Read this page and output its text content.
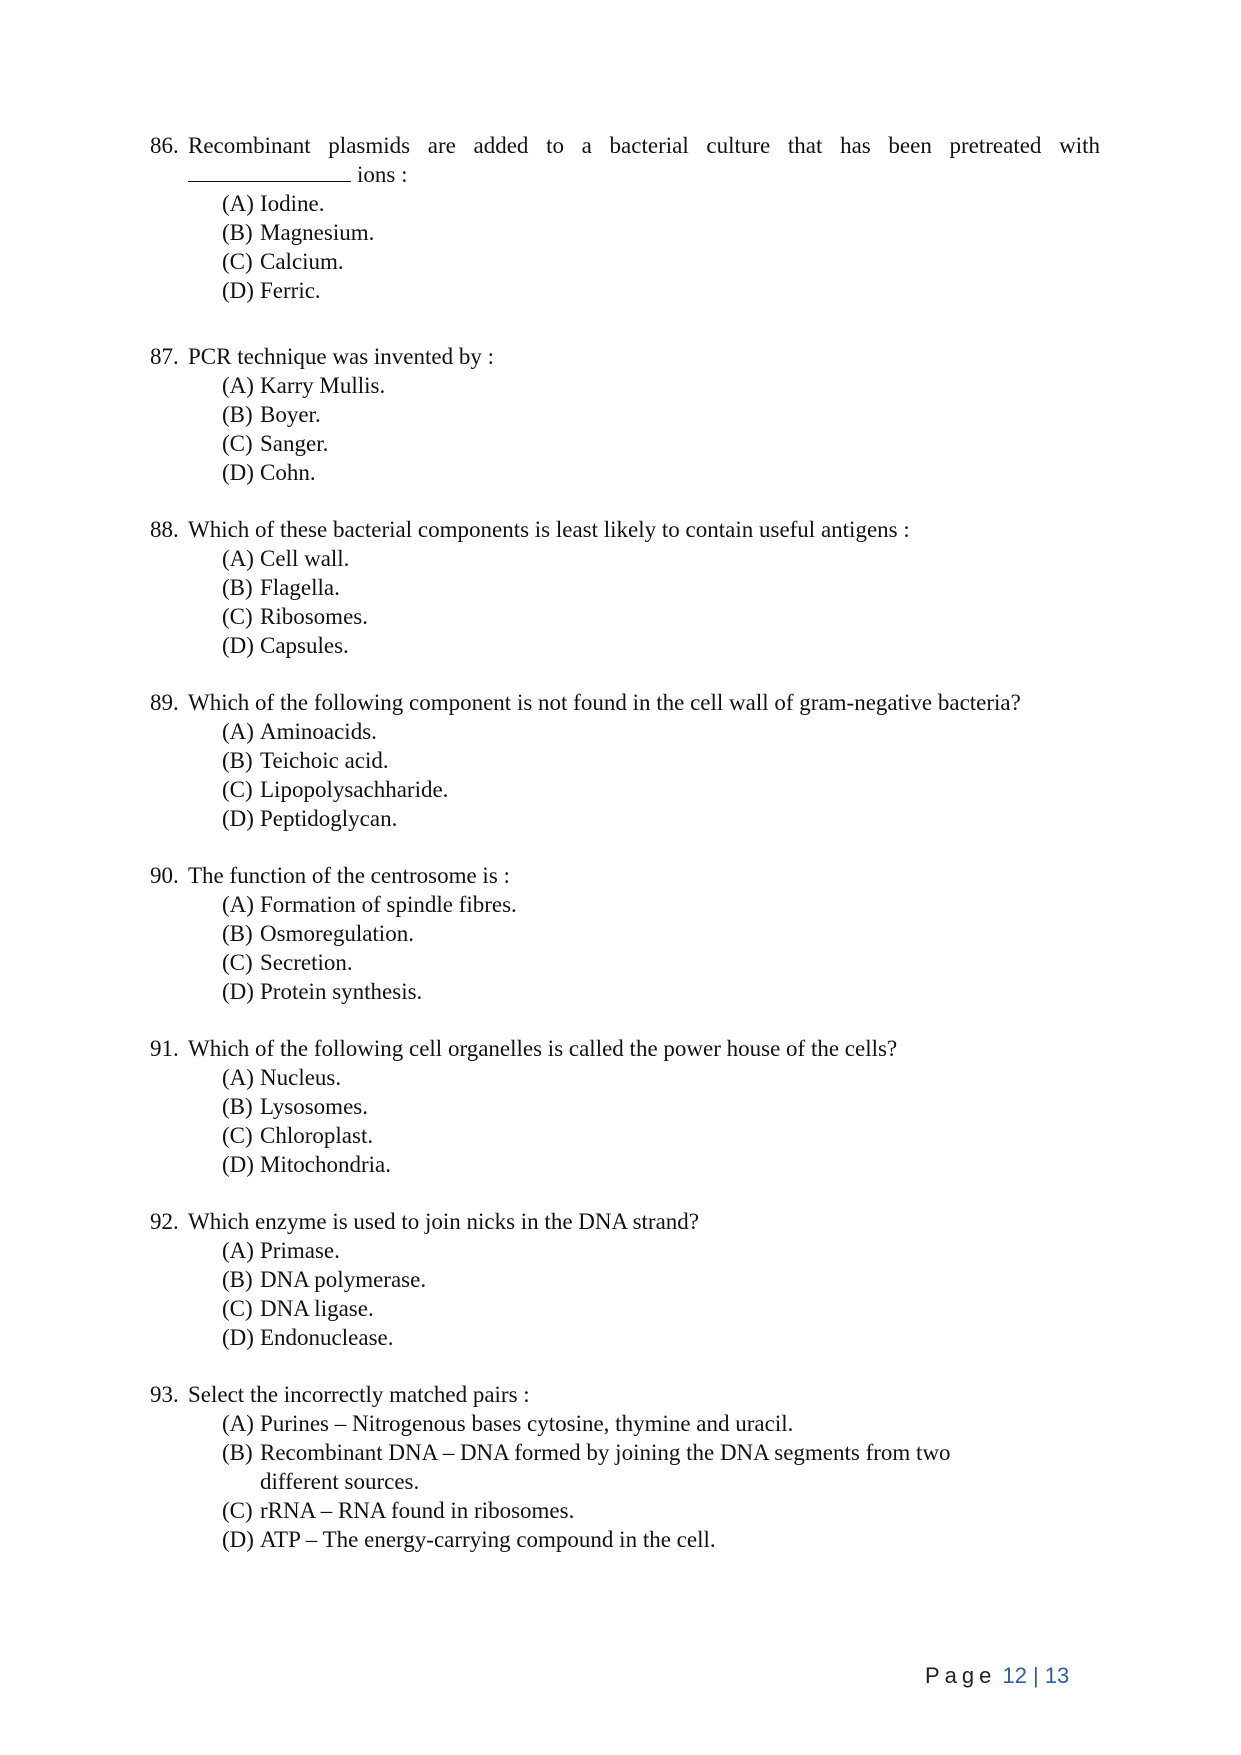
86. Recombinant plasmids are added to a bacterial culture that has been pretreated with
ions :
(A) Iodine.
(B) Magnesium.
(C) Calcium.
(D) Ferric.
87. PCR technique was invented by :
(A) Karry Mullis.
(B) Boyer.
(C) Sanger.
(D) Cohn.
88. Which of these bacterial components is least likely to contain useful antigens :
(A) Cell wall.
(B) Flagella.
(C) Ribosomes.
(D) Capsules.
89. Which of the following component is not found in the cell wall of gram-negative bacteria?
(A) Aminoacids.
(B) Teichoic acid.
(C) Lipopolysachharide.
(D) Peptidoglycan.
90. The function of the centrosome is :
(A) Formation of spindle fibres.
(B) Osmoregulation.
(C) Secretion.
(D) Protein synthesis.
91. Which of the following cell organelles is called the power house of the cells?
(A) Nucleus.
(B) Lysosomes.
(C) Chloroplast.
(D) Mitochondria.
92. Which enzyme is used to join nicks in the DNA strand?
(A) Primase.
(B) DNA polymerase.
(C) DNA ligase.
(D) Endonuclease.
93. Select the incorrectly matched pairs :
(A) Purines – Nitrogenous bases cytosine, thymine and uracil.
(B) Recombinant DNA – DNA formed by joining the DNA segments from two different sources.
(C) rRNA – RNA found in ribosomes.
(D) ATP – The energy-carrying compound in the cell.
Page 12 | 13
